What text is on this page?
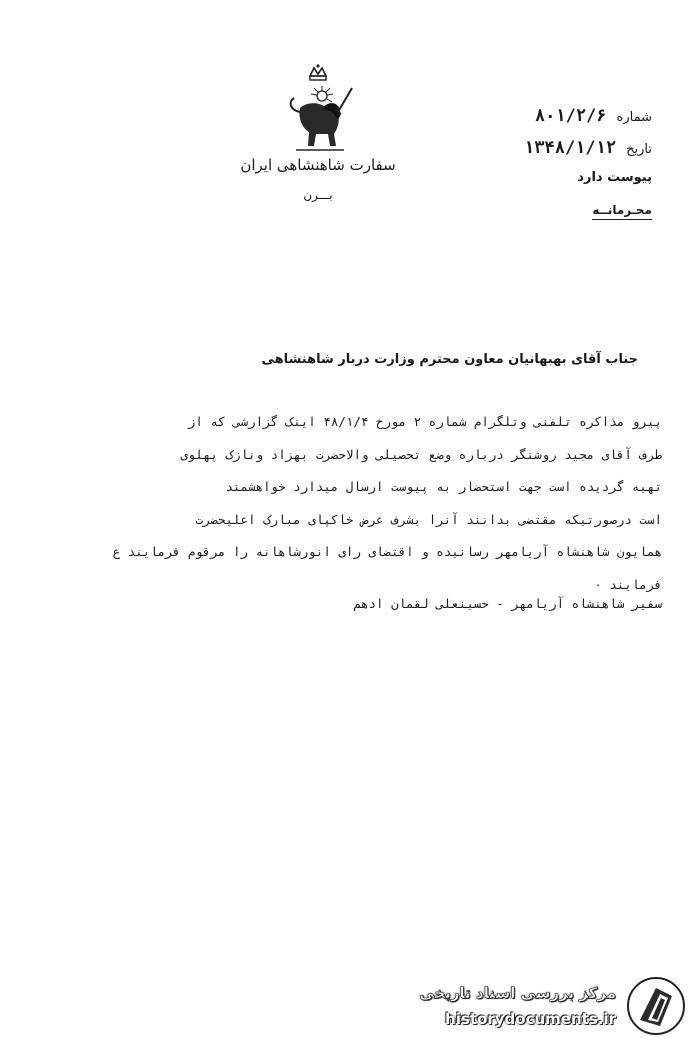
سفارت شاهنشاهی ایران
بـــرن
شماره۸۰۱/۲/۶
تاریخ۱۳۴۸/۱/۱۲
پیوست دارد
محـرمانــه
جناب آقای بهبهانیان معاون محترم وزارت دربار شاهنشاهی
پیرو مذاکره تلفنی وتلگرام شماره ۲ مورخ ۴۸/۱/۴ اینک گزارشی که از
طرف آقای مجید روشنگر درباره وضع تحصیلی والاحضرت بهزاد ونازک پهلوی
تهیه گردیده است جهت استحضار به پیوست ارسال میدارد خواهشمند
است درصورتیکه مقتضی بدانند آنرا بشرف عرض خاکپای مبارک اعلیحضرت
همایون شاهنشاه آریامهر رسانیده و اقتضای رای انورشاهانه را مرقوم فرمایند ع
فرمایند ۰
سفیر شاهنشاه آریامهر - حسینعلی لقمان ادهم
مرکز بررسی اسناد تاریخی
historydocuments.ir
